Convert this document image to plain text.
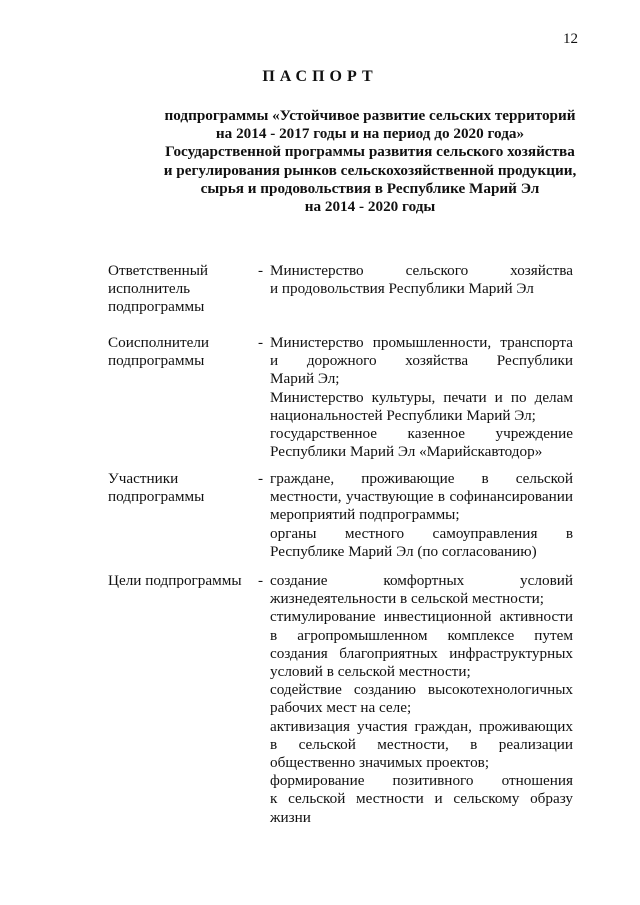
12
ПАСПОРТ
подпрограммы «Устойчивое развитие сельских территорий
на 2014 - 2017 годы и на период до 2020 года»
Государственной программы развития сельского хозяйства
и регулирования рынков сельскохозяйственной продукции,
сырья и продовольствия в Республике Марий Эл
на 2014 - 2020 годы
Ответственный
исполнитель
подпрограммы
- Министерство сельского хозяйства
и продовольствия Республики Марий Эл
Соисполнители
подпрограммы
- Министерство промышленности, транспорта
и дорожного хозяйства Республики
Марий Эл;
Министерство культуры, печати и по делам
национальностей Республики Марий Эл;
государственное казенное учреждение
Республики Марий Эл «Марийскавтодор»
Участники
подпрограммы
- граждане, проживающие в сельской
местности, участвующие в софинансировании
мероприятий подпрограммы;
органы местного самоуправления в
Республике Марий Эл (по согласованию)
Цели подпрограммы	- создание комфортных условий
жизнедеятельности в сельской местности;
стимулирование инвестиционной активности
в агропромышленном комплексе путем
создания благоприятных инфраструктурных
условий в сельской местности;
содействие созданию высокотехнологичных
рабочих мест на селе;
активизация участия граждан, проживающих
в сельской местности, в реализации
общественно значимых проектов;
формирование позитивного отношения
к сельской местности и сельскому образу
жизни
